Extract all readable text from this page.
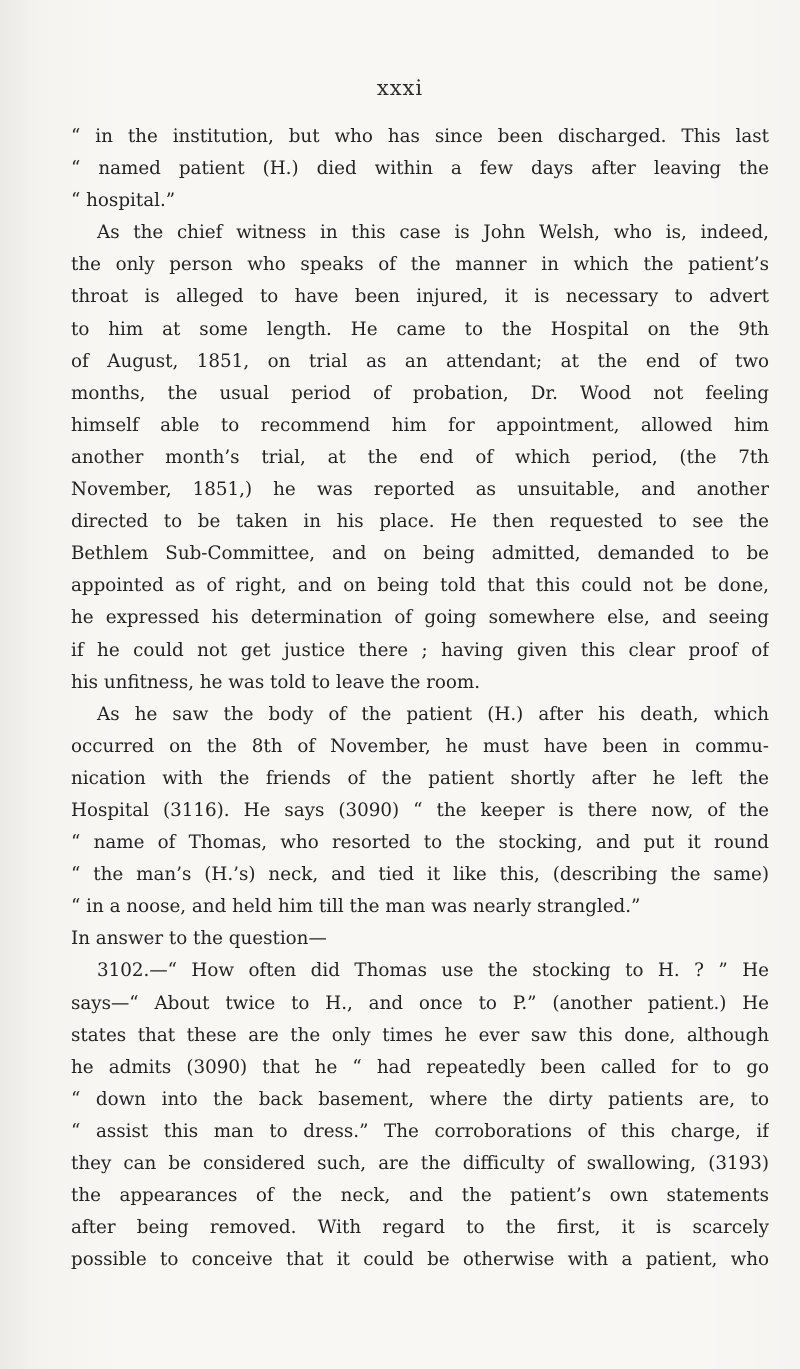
xxxi
“ in the institution, but who has since been discharged. This last
“ named patient (H.) died within a few days after leaving the
“ hospital.”
As the chief witness in this case is John Welsh, who is, indeed,
the only person who speaks of the manner in which the patient’s
throat is alleged to have been injured, it is necessary to advert
to him at some length. He came to the Hospital on the 9th
of August, 1851, on trial as an attendant; at the end of two
months, the usual period of probation, Dr. Wood not feeling
himself able to recommend him for appointment, allowed him
another month’s trial, at the end of which period, (the 7th
November, 1851,) he was reported as unsuitable, and another
directed to be taken in his place. He then requested to see the
Bethlem Sub-Committee, and on being admitted, demanded to be
appointed as of right, and on being told that this could not be done,
he expressed his determination of going somewhere else, and seeing
if he could not get justice there ; having given this clear proof of
his unfitness, he was told to leave the room.
As he saw the body of the patient (H.) after his death, which
occurred on the 8th of November, he must have been in commu-
nication with the friends of the patient shortly after he left the
Hospital (3116). He says (3090) “ the keeper is there now, of the
“ name of Thomas, who resorted to the stocking, and put it round
“ the man’s (H.’s) neck, and tied it like this, (describing the same)
“ in a noose, and held him till the man was nearly strangled.”
In answer to the question—
3102.—“ How often did Thomas use the stocking to H. ? ” He
says—“ About twice to H., and once to P.” (another patient.) He
states that these are the only times he ever saw this done, although
he admits (3090) that he “ had repeatedly been called for to go
“ down into the back basement, where the dirty patients are, to
“ assist this man to dress.” The corroborations of this charge, if
they can be considered such, are the difficulty of swallowing, (3193)
the appearances of the neck, and the patient’s own statements
after being removed. With regard to the first, it is scarcely
possible to conceive that it could be otherwise with a patient, who
